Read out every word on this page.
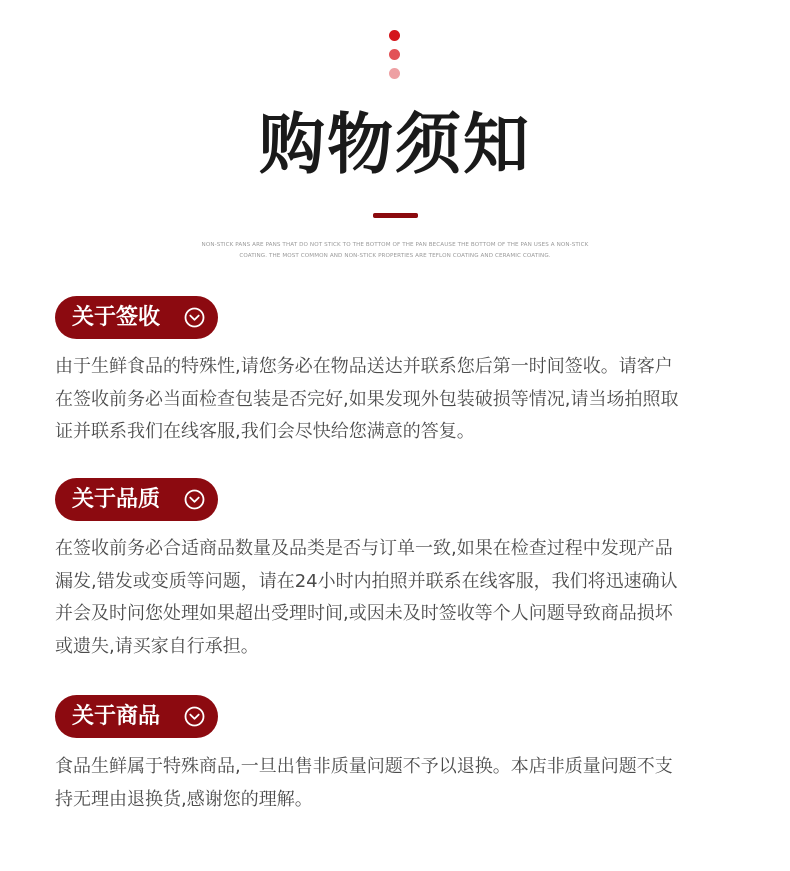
购物须知
NON-STICK PANS ARE PANS THAT DO NOT STICK TO THE BOTTOM OF THE PAN BECAUSE THE BOTTOM OF THE PAN USES A NON-STICK
COATING. THE MOST COMMON AND NON-STICK PROPERTIES ARE TEFLON COATING AND CERAMIC COATING.
关于签收
由于生鲜食品的特殊性,请您务必在物品送达并联系您后第一时间签收。请客户
在签收前务必当面检查包装是否完好,如果发现外包装破损等情况,请当场拍照取
证并联系我们在线客服,我们会尽快给您满意的答复。
关于品质
在签收前务必合适商品数量及品类是否与订单一致,如果在检查过程中发现产品
漏发,错发或变质等问题，请在24小时内拍照并联系在线客服，我们将迅速确认
并会及时问您处理如果超出受理时间,或因未及时签收等个人问题导致商品损坏
或遗失,请买家自行承担。
关于商品
食品生鲜属于特殊商品,一旦出售非质量问题不予以退换。本店非质量问题不支
持无理由退换货,感谢您的理解。
